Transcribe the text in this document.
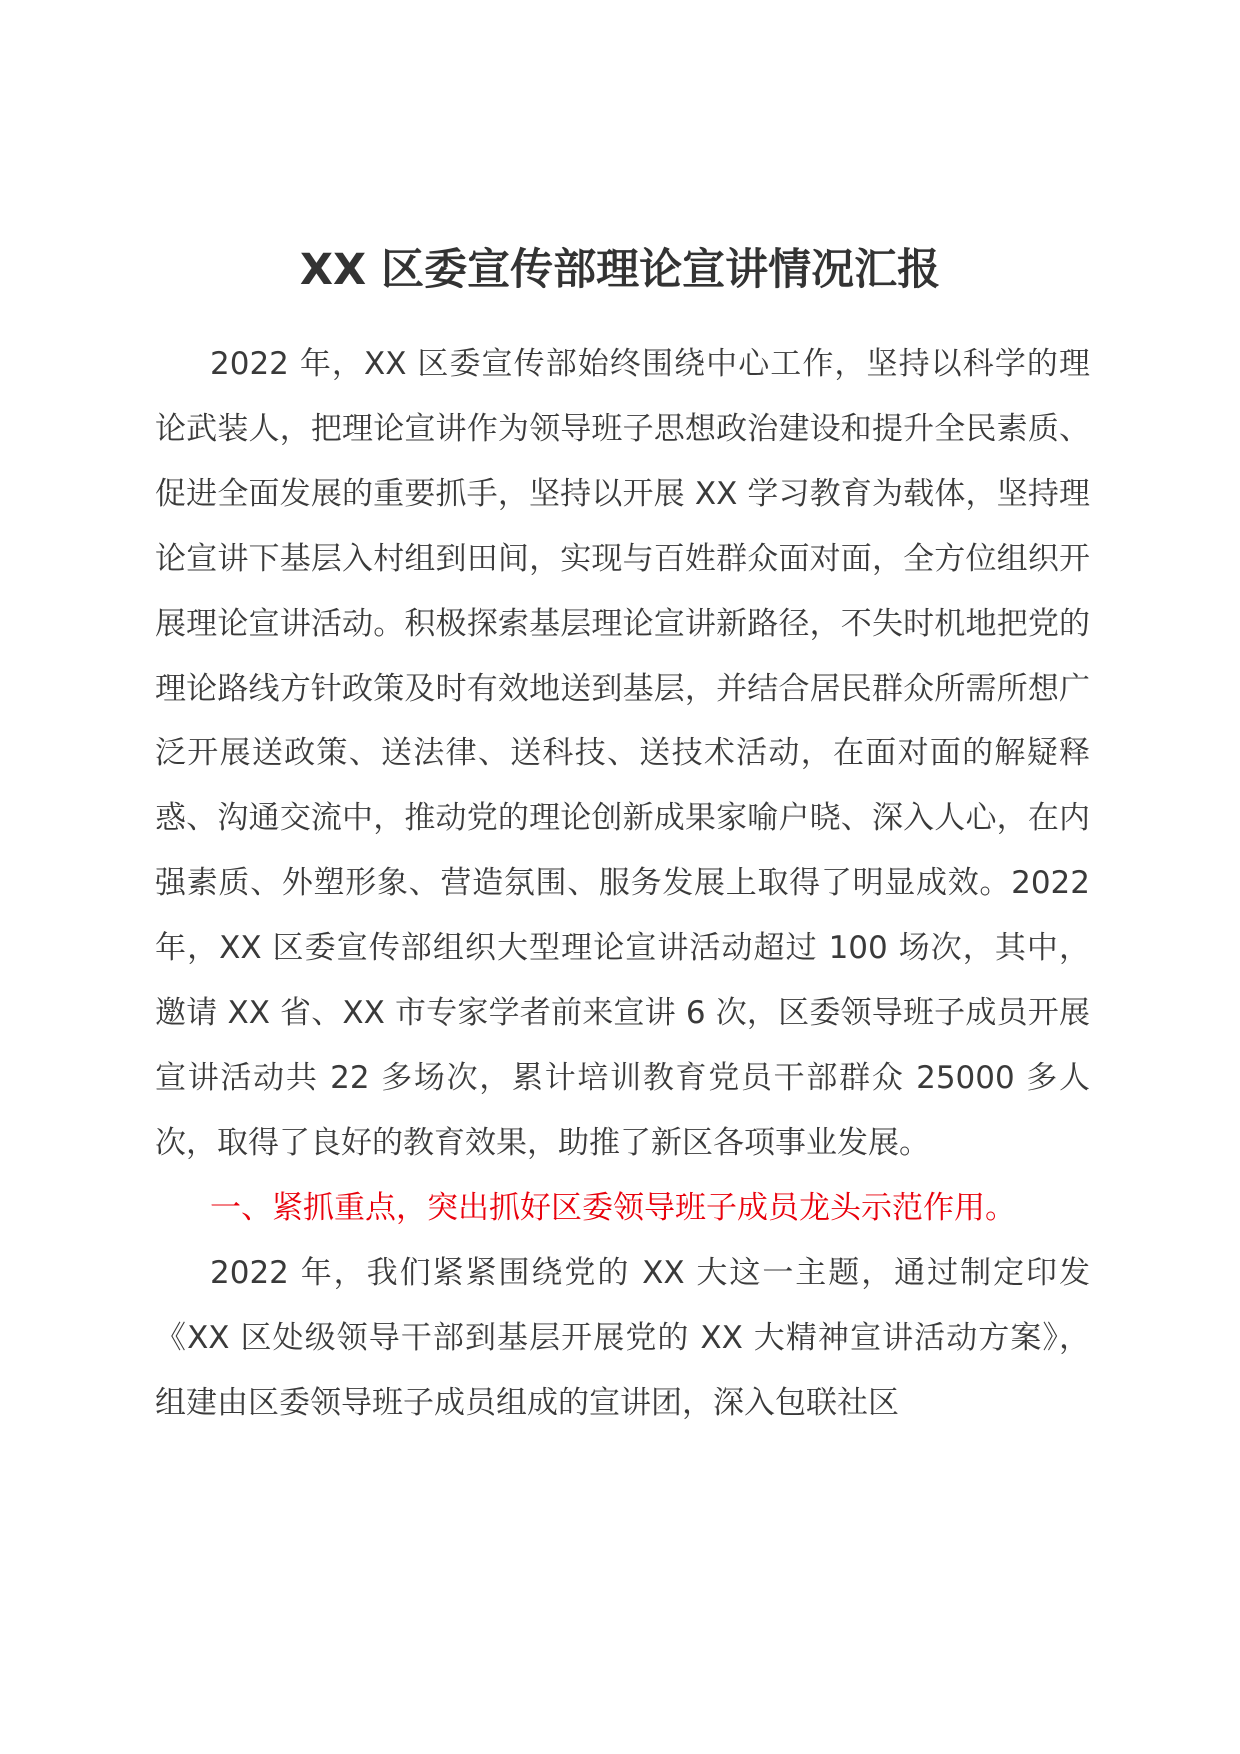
XX 区委宣传部理论宣讲情况汇报

2022 年，XX 区委宣传部始终围绕中心工作，坚持以科学的理论武装人，把理论宣讲作为领导班子思想政治建设和提升全民素质、促进全面发展的重要抓手，坚持以开展 XX 学习教育为载体，坚持理论宣讲下基层入村组到田间，实现与百姓群众面对面，全方位组织开展理论宣讲活动。积极探索基层理论宣讲新路径，不失时机地把党的理论路线方针政策及时有效地送到基层，并结合居民群众所需所想广泛开展送政策、送法律、送科技、送技术活动，在面对面的解疑释惑、沟通交流中，推动党的理论创新成果家喻户晓、深入人心，在内强素质、外塑形象、营造氛围、服务发展上取得了明显成效。2022 年，XX 区委宣传部组织大型理论宣讲活动超过 100 场次，其中，邀请 XX 省、XX 市专家学者前来宣讲 6 次，区委领导班子成员开展宣讲活动共 22 多场次，累计培训教育党员干部群众 25000 多人次，取得了良好的教育效果，助推了新区各项事业发展。

一、紧抓重点，突出抓好区委领导班子成员龙头示范作用。

2022 年，我们紧紧围绕党的 XX 大这一主题，通过制定印发《XX 区处级领导干部到基层开展党的 XX 大精神宣讲活动方案》，组建由区委领导班子成员组成的宣讲团，深入包联社区
